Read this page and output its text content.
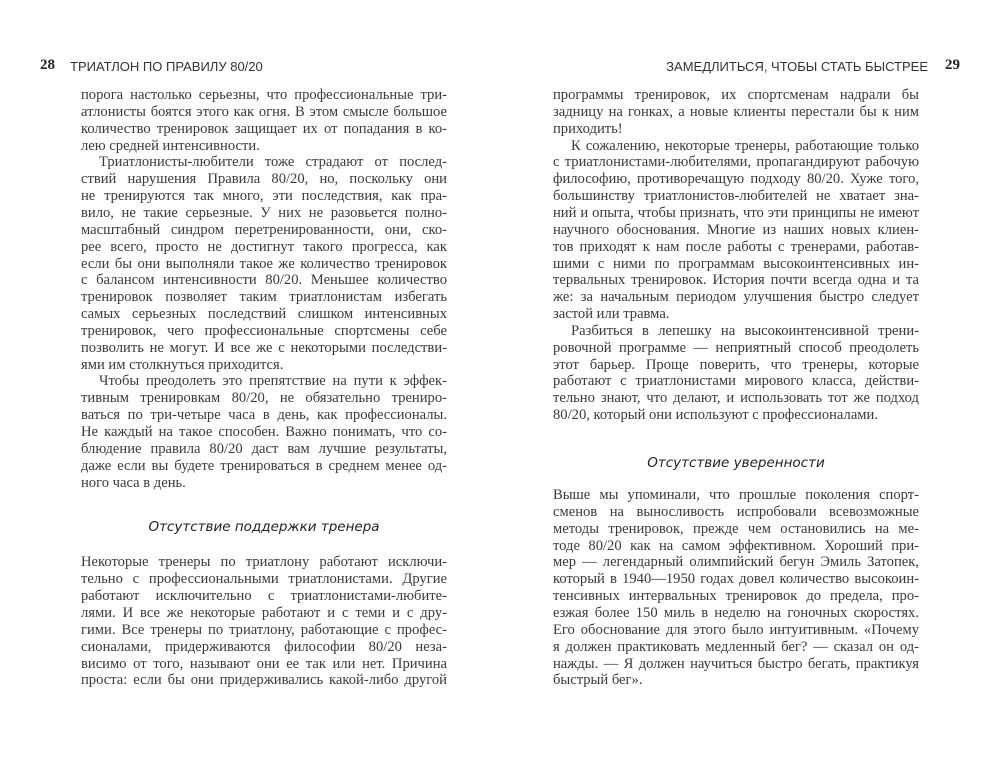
28 ТРИАТЛОН ПО ПРАВИЛУ 80/20
порога настолько серьезны, что профессиональные три-
атлонисты боятся этого как огня. В этом смысле большое
количество тренировок защищает их от попадания в ко-
лею средней интенсивности.
Триатлонисты-любители тоже страдают от послед-
ствий нарушения Правила 80/20, но, поскольку они
не тренируются так много, эти последствия, как пра-
вило, не такие серьезные. У них не разовьется полно-
масштабный синдром перетренированности, они, ско-
рее всего, просто не достигнут такого прогресса, как
если бы они выполняли такое же количество тренировок
с балансом интенсивности 80/20. Меньшее количество
тренировок позволяет таким триатлонистам избегать
самых серьезных последствий слишком интенсивных
тренировок, чего профессиональные спортсмены себе
позволить не могут. И все же с некоторыми последстви-
ями им столкнуться приходится.
Чтобы преодолеть это препятствие на пути к эффек-
тивным тренировкам 80/20, не обязательно трениро-
ваться по три-четыре часа в день, как профессионалы.
Не каждый на такое способен. Важно понимать, что со-
блюдение правила 80/20 даст вам лучшие результаты,
даже если вы будете тренироваться в среднем менее од-
ного часа в день.
Отсутствие поддержки тренера
Некоторые тренеры по триатлону работают исключи-
тельно с профессиональными триатлонистами. Другие
работают исключительно с триатлонистами-любите-
лями. И все же некоторые работают и с теми и с дру-
гими. Все тренеры по триатлону, работающие с профес-
сионалами, придерживаются философии 80/20 неза-
висимо от того, называют они ее так или нет. Причина
проста: если бы они придерживались какой-либо другой
ЗАМЕДЛИТЬСЯ, ЧТОБЫ СТАТЬ БЫСТРЕЕ 29
программы тренировок, их спортсменам надрали бы
задницу на гонках, а новые клиенты перестали бы к ним
приходить!
К сожалению, некоторые тренеры, работающие только
с триатлонистами-любителями, пропагандируют рабочую
философию, противоречащую подходу 80/20. Хуже того,
большинству триатлонистов-любителей не хватает зна-
ний и опыта, чтобы признать, что эти принципы не имеют
научного обоснования. Многие из наших новых клиен-
тов приходят к нам после работы с тренерами, работав-
шими с ними по программам высокоинтенсивных ин-
тервальных тренировок. История почти всегда одна и та
же: за начальным периодом улучшения быстро следует
застой или травма.
Разбиться в лепешку на высокоинтенсивной трени-
ровочной программе — неприятный способ преодолеть
этот барьер. Проще поверить, что тренеры, которые
работают с триатлонистами мирового класса, действи-
тельно знают, что делают, и использовать тот же подход
80/20, который они используют с профессионалами.
Отсутствие уверенности
Выше мы упоминали, что прошлые поколения спорт-
сменов на выносливость испробовали всевозможные
методы тренировок, прежде чем остановились на ме-
тоде 80/20 как на самом эффективном. Хороший при-
мер — легендарный олимпийский бегун Эмиль Затопек,
который в 1940—1950 годах довел количество высокоин-
тенсивных интервальных тренировок до предела, про-
езжая более 150 миль в неделю на гоночных скоростях.
Его обоснование для этого было интуитивным. «Почему
я должен практиковать медленный бег? — сказал он од-
нажды. — Я должен научиться быстро бегать, практикуя
быстрый бег».
